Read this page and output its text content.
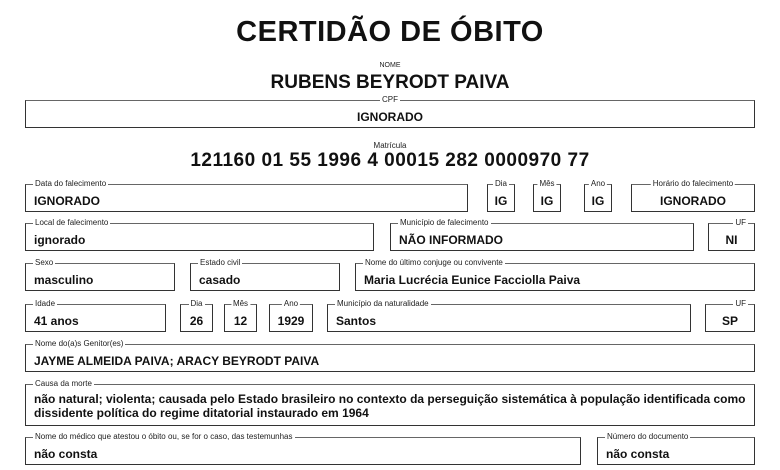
CERTIDÃO DE ÓBITO
NOME
RUBENS BEYRODT PAIVA
CPF
IGNORADO
Matrícula
121160 01 55 1996 4 00015 282 0000970 77
Data do falecimento
IGNORADO
Dia
IG
Mês
IG
Ano
IG
Horário do falecimento
IGNORADO
Local de falecimento
ignorado
Município de falecimento
NÃO INFORMADO
UF
NI
Sexo
masculino
Estado civil
casado
Nome do último conjuge ou convivente
Maria Lucrécia Eunice Facciolla Paiva
Idade
41 anos
Dia
26
Mês
12
Ano
1929
Município da naturalidade
Santos
UF
SP
Nome do(a)s Genitor(es)
JAYME ALMEIDA PAIVA; ARACY BEYRODT PAIVA
Causa da morte
não natural; violenta; causada pelo Estado brasileiro no contexto da perseguição sistemática à população identificada como dissidente política do regime ditatorial instaurado em 1964
Nome do médico que atestou o óbito ou, se for o caso, das testemunhas
não consta
Número do documento
não consta
